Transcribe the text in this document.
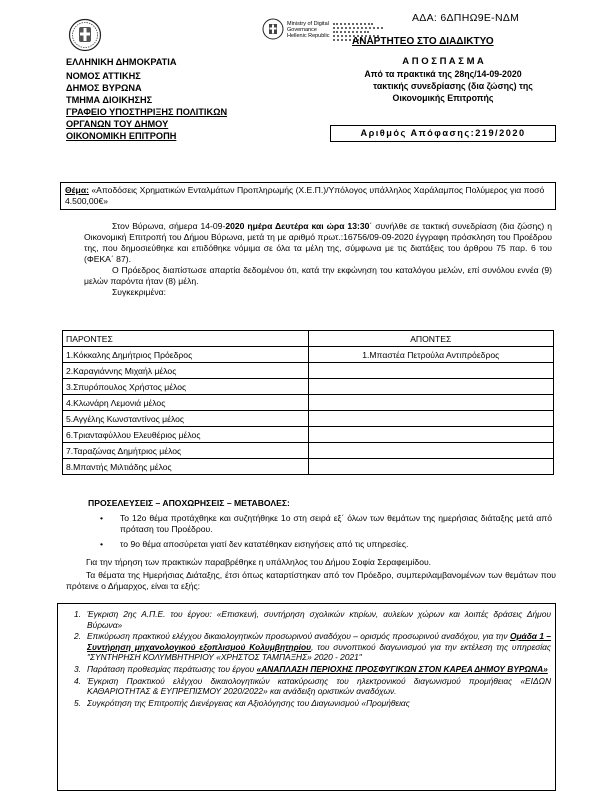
ΑΔΑ: 6ΔΠΗΩ9Ε-ΝΔΜ
Ministry of Digital
Governance
Hellenic Republic
ΑΝΑΡΤΗΤΕΟ ΣΤΟ ΔΙΑΔΙΚΤΥΟ
ΕΛΛΗΝΙΚΗ ΔΗΜΟΚΡΑΤΙΑ
ΝΟΜΟΣ ΑΤΤΙΚΗΣ
ΔΗΜΟΣ ΒΥΡΩΝΑ
ΤΜΗΜΑ ΔΙΟΙΚΗΣΗΣ
ΓΡΑΦΕΙΟ ΥΠΟΣΤΗΡΙΞΗΣ ΠΟΛΙΤΙΚΩΝ
ΟΡΓΑΝΩΝ ΤΟΥ ΔΗΜΟΥ
ΟΙΚΟΝΟΜΙΚΗ ΕΠΙΤΡΟΠΗ
Α Π Ο Σ Π Α Σ Μ Α
Από τα πρακτικά της 28ης/14-09-2020
τακτικής συνεδρίασης (δια ζώσης) της
Οικονομικής Επιτροπής
Αριθμός Απόφασης:219/2020
Θέμα: «Αποδόσεις Χρηματικών Ενταλμάτων Προπληρωμής (Χ.Ε.Π.)/Υπόλογος υπάλληλος Χαράλαμπος Πολύμερος για ποσό 4.500,00€»
Στον Βύρωνα, σήμερα 14-09-2020 ημέρα Δευτέρα και ώρα 13:30΄ συνήλθε σε τακτική συνεδρίαση (δια ζώσης) η Οικονομική Επιτροπή του Δήμου Βύρωνα, μετά τη με αριθμό πρωτ.:16756/09-09-2020 έγγραφη πρόσκληση του Προέδρου της, που δημοσιεύθηκε και επιδόθηκε νόμιμα σε όλα τα μέλη της, σύμφωνα με τις διατάξεις του άρθρου 75 παρ. 6 του (ΦΕΚΑ΄ 87).
Ο Πρόεδρος διαπίστωσε απαρτία δεδομένου ότι, κατά την εκφώνηση του καταλόγου μελών, επί συνόλου εννέα (9) μελών παρόντα ήταν (8) μέλη.
Συγκεκριμένα:
ΠΑΡΟΝΤΕΣ	ΑΠΟΝΤΕΣ
1.Κόκκαλης Δημήτριος Πρόεδρος	1.Μπαστέα Πετρούλα Αντιπρόεδρος
2.Καραγιάννης Μιχαήλ μέλος	
3.Σπυρόπουλος Χρήστος μέλος	
4.Κλωνάρη Λεμονιά μέλος	
5.Αγγέλης Κωνσταντίνος μέλος	
6.Τριανταφύλλου Ελευθέριος μέλος	
7.Ταραζώνας Δημήτριος μέλος	
8.Μπαντής Μιλτιάδης μέλος	
ΠΡΟΣΕΛΕΥΣΕΙΣ – ΑΠΟΧΩΡΗΣΕΙΣ – ΜΕΤΑΒΟΛΕΣ:
•	Το 12ο θέμα προτάχθηκε και συζητήθηκε 1ο στη σειρά εξ΄ όλων των θεμάτων της ημερήσιας διάταξης μετά από πρόταση του Προέδρου.
•	το 9ο θέμα αποσύρεται γιατί δεν κατατέθηκαν εισηγήσεις από τις υπηρεσίες.
Για την τήρηση των πρακτικών παραβρέθηκε η υπάλληλος του Δήμου Σοφία Σεραφειμίδου.
Τα θέματα της Ημερήσιας Διάταξης, έτσι όπως καταρτίστηκαν από τον Πρόεδρο, συμπεριλαμβανομένων των θεμάτων που πρότεινε ο Δήμαρχος, είναι τα εξής:
1. Έγκριση 2ης Α.Π.Ε. του έργου: «Επισκευή, συντήρηση σχολικών κτιρίων, αυλείων χώρων και λοιπές δράσεις Δήμου Βύρωνα»
2. Επικύρωση πρακτικού ελέγχου δικαιολογητικών προσωρινού αναδόχου – ορισμός προσωρινού αναδόχου, για την Ομάδα 1 – Συντήρηση μηχανολογικού εξοπλισμού Κολυμβητηρίου, του συνοπτικού διαγωνισμού για την εκτέλεση της υπηρεσίας "ΣΥΝΤΗΡΗΣΗ ΚΟΛΥΜΒΗΤΗΡΙΟΥ «ΧΡΗΣΤΟΣ ΤΑΜΠΑΞΗΣ» 2020 - 2021"
3. Παράταση προθεσμίας περάτωσης του έργου «ΑΝΑΠΛΑΣΗ ΠΕΡΙΟΧΗΣ ΠΡΟΣΦΥΓΙΚΩΝ ΣΤΟΝ ΚΑΡΕΑ ΔΗΜΟΥ ΒΥΡΩΝΑ»
4. Έγκριση Πρακτικού ελέγχου δικαιολογητικών κατακύρωσης του ηλεκτρονικού διαγωνισμού προμήθειας «ΕΙΔΩΝ ΚΑΘΑΡΙΟΤΗΤΑΣ & ΕΥΠΡΕΠΙΣΜΟΥ 2020/2022» και ανάδειξη οριστικών αναδόχων.
5. Συγκρότηση της Επιτροπής Διενέργειας και Αξιολόγησης του Διαγωνισμού «Προμήθειας
